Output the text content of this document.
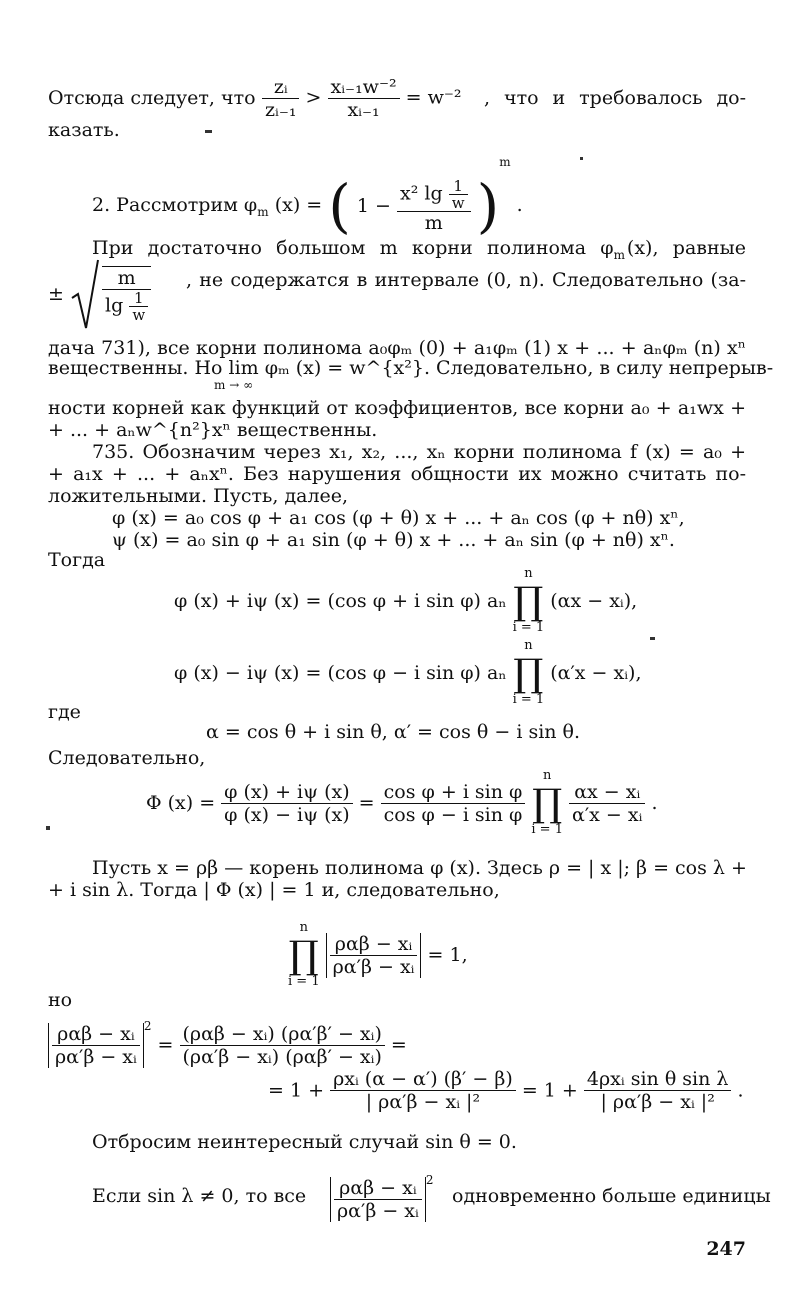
Отсюда следует, что $\frac{\text{zᵢ}}{\text{zᵢ₋₁}} > \frac{\text{xᵢ₋₁w⁻²}}{\text{xᵢ₋₁}} = w^{-2}$ , что и требовалось до-
казать.
2. Рассмотрим $\varphi_m$ (x) = ( $1 - \frac{x^2 \lg \frac{1}{w}}{m} )^m$ .
При достаточно большом m корни полинома $\varphi_m$  (x), равные
± $\frac{m}{\lg \frac{1}{w}}$ , не содержатся в интервале (0, n). Следовательно (за-
дача 731), все корни полинома a₀φₘ (0) + a₁φₘ (1) x + ... + aₙφₘ (n) xⁿ
вещественны. Но lim φₘ (x) = w^{x²}. Следовательно, в силу непрерыв-
m → ∞
ности корней как функций от коэффициентов, все корни a₀ + a₁wx +
+ ... + aₙw^{n²}xⁿ вещественны.
735. Обозначим через x₁, x₂, ..., xₙ корни полинома f (x) = a₀ +
+ a₁x + ... + aₙxⁿ. Без нарушения общности их можно считать по-
ложительными. Пусть, далее,
φ (x) = a₀ cos φ + a₁ cos (φ + θ) x + ... + aₙ cos (φ + nθ) xⁿ,
ψ (x) = a₀ sin φ + a₁ sin (φ + θ) x + ... + aₙ sin (φ + nθ) xⁿ.
Тогда
φ (x) + iψ (x) = (cos φ + i sin φ) aₙ
n
∏
i = 1
(αx − xᵢ),
φ (x) − iψ (x) = (cos φ − i sin φ) aₙ
n
∏
i = 1
(α′x − xᵢ),
где
α = cos θ + i sin θ, α′ = cos θ − i sin θ.
Следовательно,
Φ $(x) = \frac{\varphi (x) + i\psi (x)}{\varphi (x) - i\psi (x)} = \frac{\text{cos φ + i sin φ}}{\text{cos φ − i sin φ}}$

n
∏
i = 1

$\frac{\text{αx − xᵢ}}{\text{α′x − xᵢ}}$ .
Пусть x = ρβ — корень полинома φ (x). Здесь ρ = | x |; β = cos λ +
+ i sin λ. Тогда | Φ (x) | = 1 и, следовательно,
n
∏
i = 1

$\frac{\text{ραβ − xᵢ}}{\text{ρα′β − xᵢ}} = 1$,
но
$\frac{\text{ραβ − xᵢ}}{\text{ρα′β − xᵢ}} ^2 = \frac{\text{(ραβ − xᵢ) (ρα′β′ − xᵢ)}}{\text{(ρα′β − xᵢ) (ραβ′ − xᵢ)}}$ =
= $1 + \frac{\text{ρxᵢ (α − α′) (β′ − β)}}{\text{| ρα′β − xᵢ |²}} = 1 + \frac{\text{4ρxᵢ sin θ sin λ}}{\text{| ρα′β − xᵢ |²}}$ .
Отбросим неинтересный случай sin θ = 0.
Если sin λ ≠ 0, то все $\frac{\text{ραβ − xᵢ}}{\text{ρα′β − xᵢ}} ^2$
одновременно больше единицы
247
